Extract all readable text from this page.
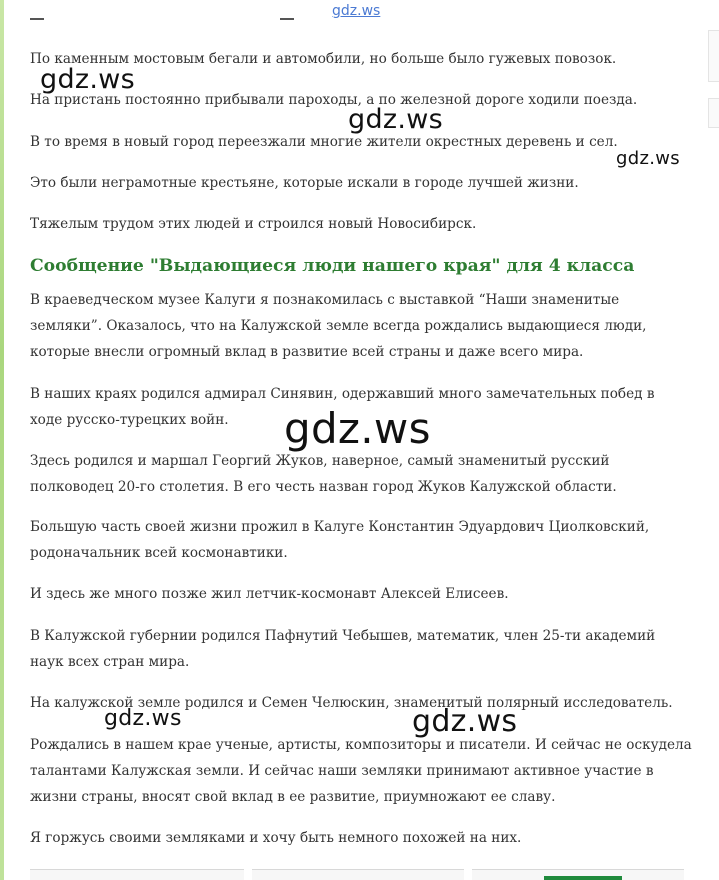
gdz.ws

По каменным мостовым бегали и автомобили, но больше было гужевых повозок.

На пристань постоянно прибывали пароходы, а по железной дороге ходили поезда.

В то время в новый город переезжали многие жители окрестных деревень и сел.

Это были неграмотные крестьяне, которые искали в городе лучшей жизни.

Тяжелым трудом этих людей и строился новый Новосибирск.

Сообщение "Выдающиеся люди нашего края" для 4 класса

В краеведческом музее Калуги я познакомилась с выставкой “Наши знаменитые
земляки”. Оказалось, что на Калужской земле всегда рождались выдающиеся люди,
которые внесли огромный вклад в развитие всей страны и даже всего мира.

В наших краях родился адмирал Синявин, одержавший много замечательных побед в
ходе русско-турецких войн.

Здесь родился и маршал Георгий Жуков, наверное, самый знаменитый русский
полководец 20-го столетия. В его честь назван город Жуков Калужской области.

Большую часть своей жизни прожил в Калуге Константин Эдуардович Циолковский,
родоначальник всей космонавтики.

И здесь же много позже жил летчик-космонавт Алексей Елисеев.

В Калужской губернии родился Пафнутий Чебышев, математик, член 25-ти академий
наук всех стран мира.

На калужской земле родился и Семен Челюскин, знаменитый полярный исследователь.

Рождались в нашем крае ученые, артисты, композиторы и писатели. И сейчас не оскудела
талантами Калужская земли. И сейчас наши земляки принимают активное участие в
жизни страны, вносят свой вклад в ее развитие, приумножают ее славу.

Я горжусь своими земляками и хочу быть немного похожей на них.

gdz.ws
gdz.ws
gdz.ws
gdz.ws
gdz.ws	gdz.ws
